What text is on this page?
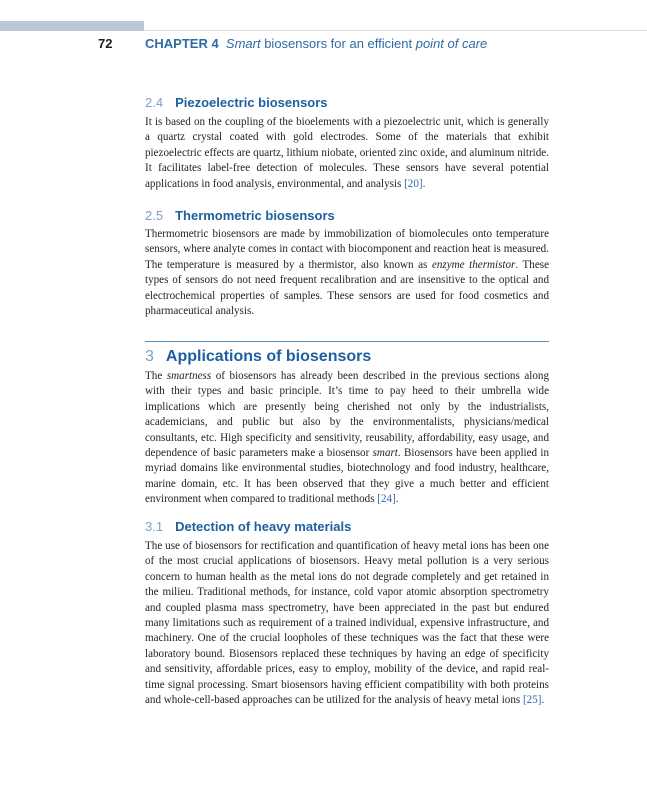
72	CHAPTER 4 Smart biosensors for an efficient point of care
2.4 Piezoelectric biosensors

It is based on the coupling of the bioelements with a piezoelectric unit, which is generally a quartz crystal coated with gold electrodes. Some of the materials that exhibit piezoelectric effects are quartz, lithium niobate, oriented zinc oxide, and aluminum nitride. It facilitates label-free detection of molecules. These sensors have several potential applications in food analysis, environmental, and analysis [20].

2.5 Thermometric biosensors

Thermometric biosensors are made by immobilization of biomolecules onto temperature sensors, where analyte comes in contact with biocomponent and reaction heat is measured. The temperature is measured by a thermistor, also known as enzyme thermistor. These types of sensors do not need frequent recalibration and are insensitive to the optical and electrochemical properties of samples. These sensors are used for food cosmetics and pharmaceutical analysis.

3 Applications of biosensors

The smartness of biosensors has already been described in the previous sections along with their types and basic principle. It’s time to pay heed to their umbrella wide implications which are presently being cherished not only by the industrialists, academicians, and public but also by the environmentalists, physicians/medical consultants, etc. High specificity and sensitivity, reusability, affordability, easy usage, and dependence of basic parameters make a biosensor smart. Biosensors have been applied in myriad domains like environmental studies, biotechnology and food industry, healthcare, marine domain, etc. It has been observed that they give a much better and efficient environment when compared to traditional methods [24].

3.1 Detection of heavy materials

The use of biosensors for rectification and quantification of heavy metal ions has been one of the most crucial applications of biosensors. Heavy metal pollution is a very serious concern to human health as the metal ions do not degrade completely and get retained in the milieu. Traditional methods, for instance, cold vapor atomic absorption spectrometry and coupled plasma mass spectrometry, have been appreciated in the past but endured many limitations such as requirement of a trained individual, expensive infrastructure, and machinery. One of the crucial loopholes of these techniques was the fact that these were laboratory bound. Biosensors replaced these techniques by having an edge of specificity and sensitivity, affordable prices, easy to employ, mobility of the device, and rapid real-time signal processing. Smart biosensors having efficient compatibility with both proteins and whole-cell-based approaches can be utilized for the analysis of heavy metal ions [25].
